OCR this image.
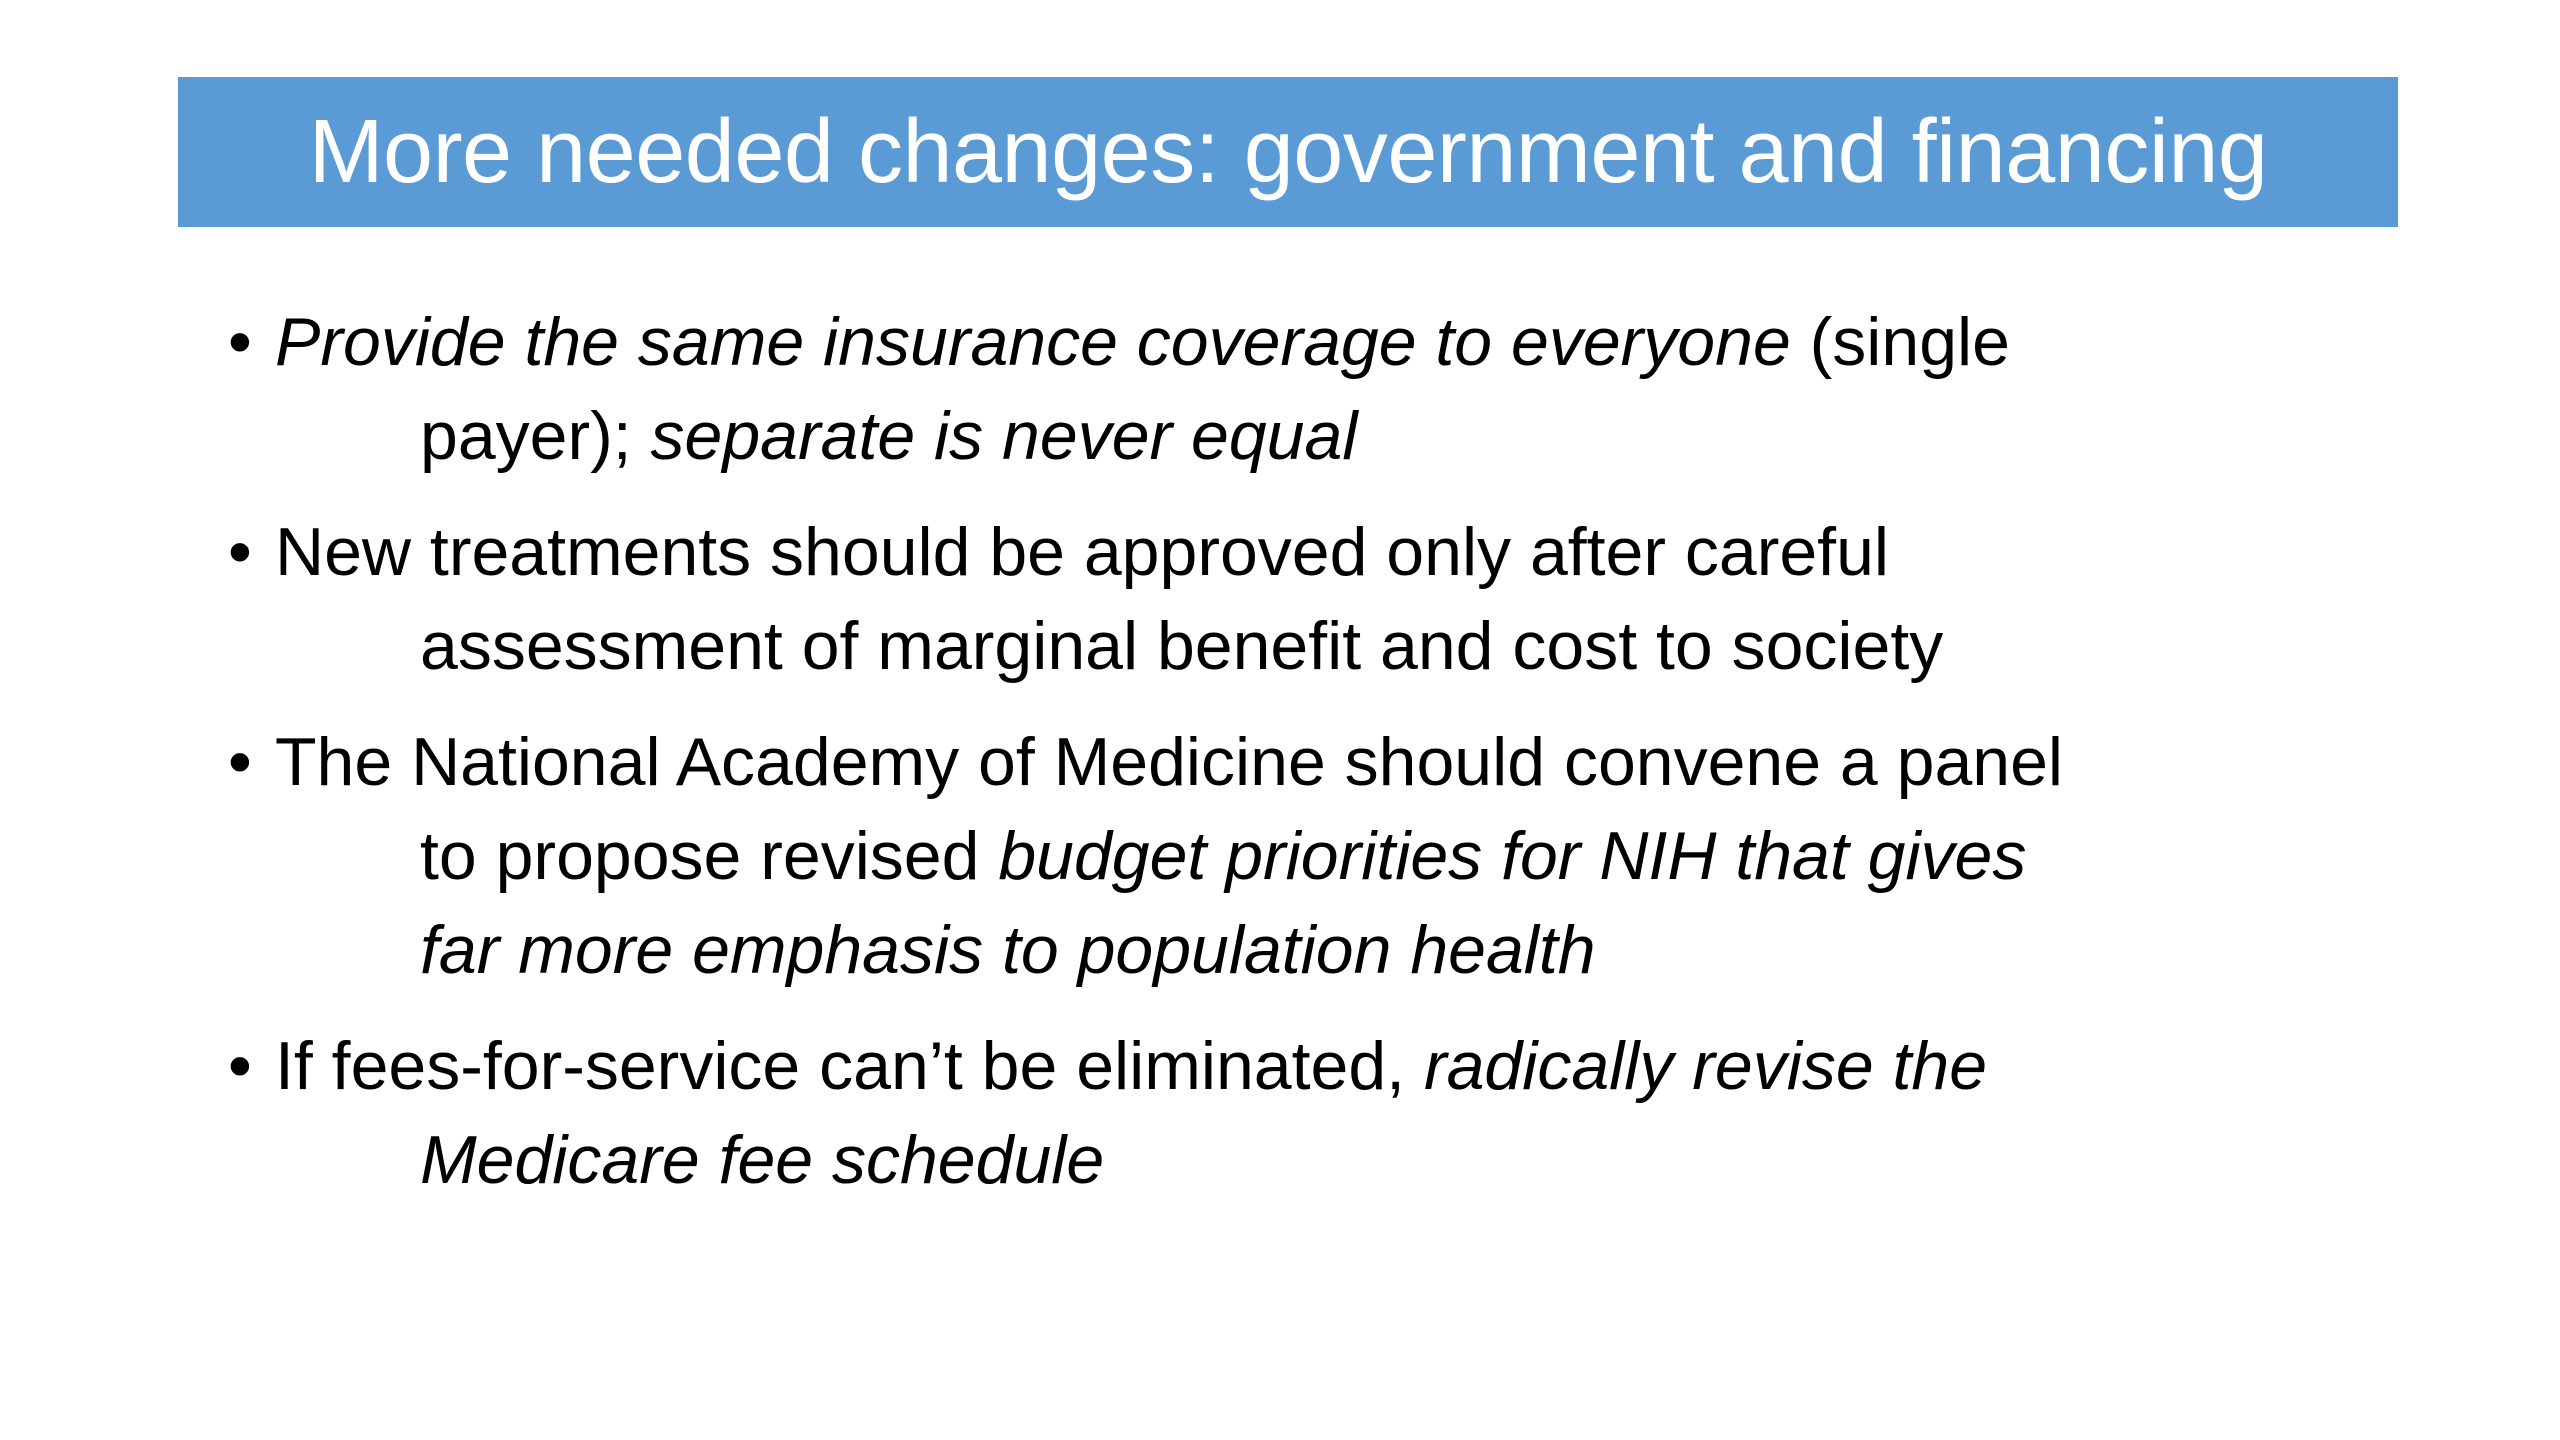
More needed changes: government and financing
• Provide the same insurance coverage to everyone (single
payer); separate is never equal
• New treatments should be approved only after careful
assessment of marginal benefit and cost to society
• The National Academy of Medicine should convene a panel
to propose revised budget priorities for NIH that gives
far more emphasis to population health
• If fees-for-service can’t be eliminated, radically revise the
Medicare fee schedule
